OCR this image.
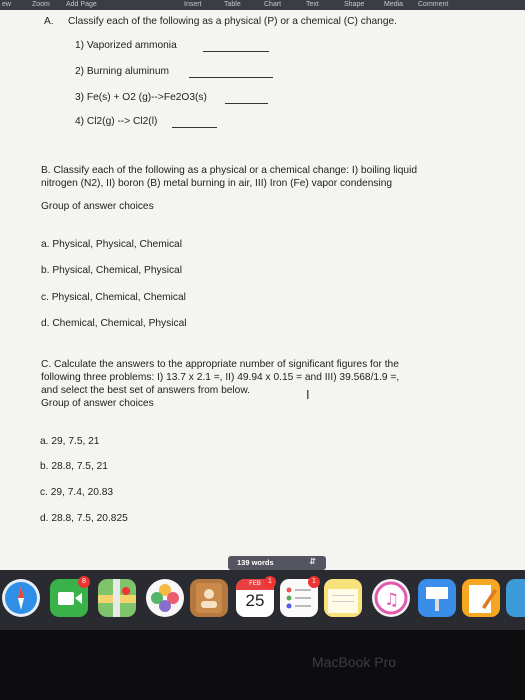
ew	Zoom Add Page	Insert	Table	Chart	Text	Shape	Media Comment
A. Classify each of the following as a physical (P) or a chemical (C) change.
1) Vaporized ammonia
2) Burning aluminum
3) Fe(s) + O2 (g)-->Fe2O3(s)
4) Cl2(g) --> Cl2(l)
B. Classify each of the following as a physical or a chemical change: I) boiling liquid
nitrogen (N2), II) boron (B) metal burning in air, III) Iron (Fe) vapor condensing
Group of answer choices
a. Physical, Physical, Chemical
b. Physical, Chemical, Physical
c. Physical, Chemical, Chemical
d. Chemical, Chemical, Physical
C. Calculate the answers to the appropriate number of significant figures for the
following three problems: I) 13.7 x 2.1 =, II) 49.94 x 0.15 = and III) 39.568/1.9 =,
and select the best set of answers from below.
Group of answer choices
a. 29, 7.5, 21
b. 28.8, 7.5, 21
c. 29, 7.4, 20.83
d. 28.8, 7.5, 20.825
I
139 words	⇵
8	FEB
25
1	1
♫
MacBook Pro
